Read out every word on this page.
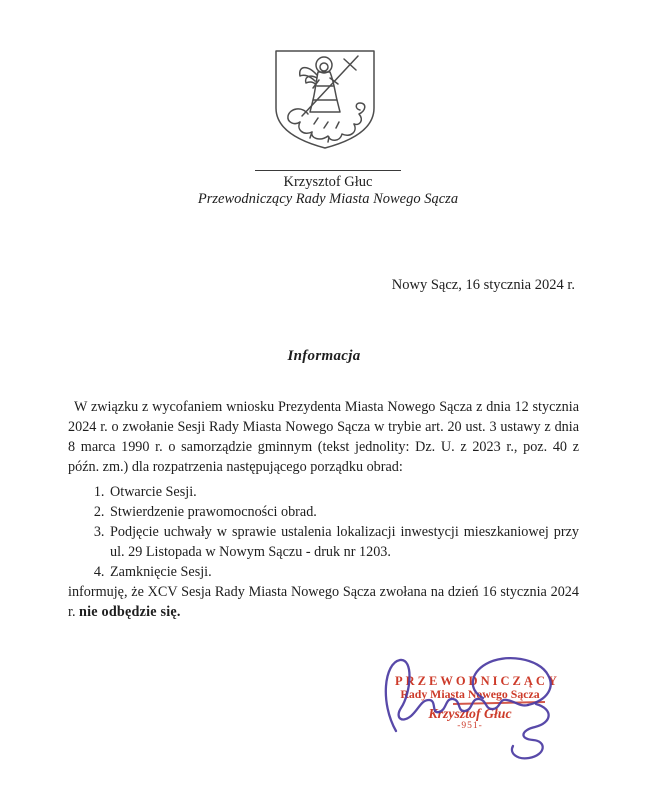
Krzysztof Głuc
Przewodniczący Rady Miasta Nowego Sącza
Nowy Sącz, 16 stycznia 2024 r.
Informacja

W związku z wycofaniem wniosku Prezydenta Miasta Nowego Sącza z dnia 12 stycznia 2024 r. o zwołanie Sesji Rady Miasta Nowego Sącza w trybie art. 20 ust. 3 ustawy z dnia 8 marca 1990 r. o samorządzie gminnym (tekst jednolity: Dz. U. z 2023 r., poz. 40 z późn. zm.) dla rozpatrzenia następującego porządku obrad:

1. Otwarcie Sesji.
2. Stwierdzenie prawomocności obrad.
3. Podjęcie uchwały w sprawie ustalenia lokalizacji inwestycji mieszkaniowej przy ul. 29 Listopada w Nowym Sączu - druk nr 1203.
4. Zamknięcie Sesji.

informuję, że XCV Sesja Rady Miasta Nowego Sącza zwołana na dzień 16 stycznia 2024 r. nie odbędzie się.

PRZEWODNICZĄCY
Rady Miasta Nowego Sącza
Krzysztof Głuc
-951-
